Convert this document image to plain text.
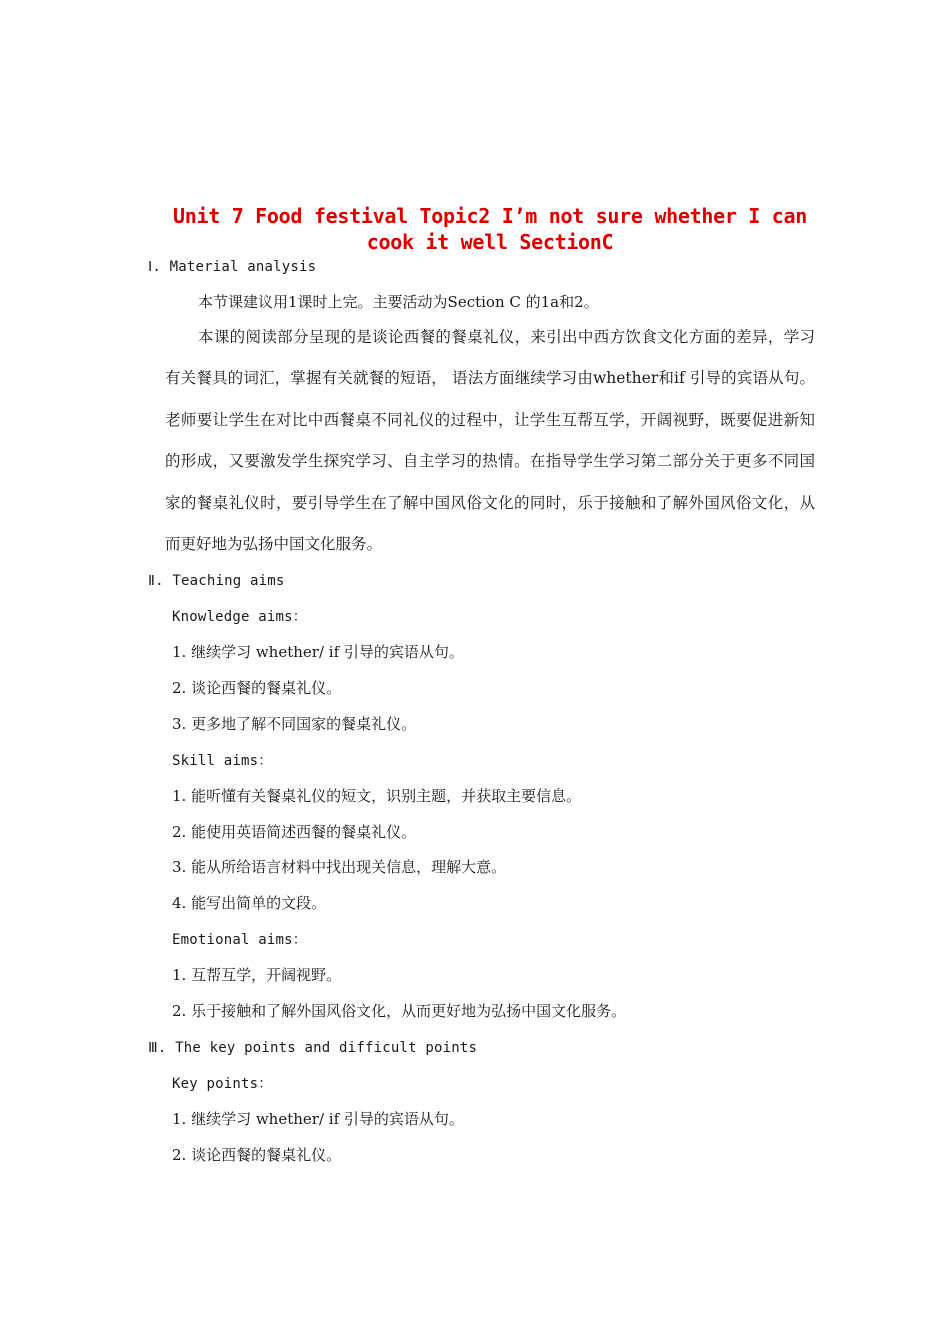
Unit 7 Food festival Topic2 I’m not sure whether I can
cook it well SectionC
Ⅰ. Material analysis
本节课建议用1课时上完。主要活动为Section C 的1a和2。
本课的阅读部分呈现的是谈论西餐的餐桌礼仪，来引出中西方饮食文化方面的差异，学习有关餐具的词汇，掌握有关就餐的短语， 语法方面继续学习由whether和if 引导的宾语从句。老师要让学生在对比中西餐桌不同礼仪的过程中，让学生互帮互学，开阔视野，既要促进新知的形成，又要激发学生探究学习、自主学习的热情。在指导学生学习第二部分关于更多不同国家的餐桌礼仪时，要引导学生在了解中国风俗文化的同时，乐于接触和了解外国风俗文化，从而更好地为弘扬中国文化服务。
Ⅱ. Teaching aims
Knowledge aims：
1. 继续学习 whether/ if 引导的宾语从句。
2. 谈论西餐的餐桌礼仪。
3. 更多地了解不同国家的餐桌礼仪。
Skill aims：
1. 能听懂有关餐桌礼仪的短文，识别主题，并获取主要信息。
2. 能使用英语简述西餐的餐桌礼仪。
3. 能从所给语言材料中找出现关信息，理解大意。
4. 能写出简单的文段。
Emotional aims：
1. 互帮互学，开阔视野。
2. 乐于接触和了解外国风俗文化，从而更好地为弘扬中国文化服务。
Ⅲ. The key points and difficult points
Key points：
1. 继续学习 whether/ if 引导的宾语从句。
2. 谈论西餐的餐桌礼仪。
